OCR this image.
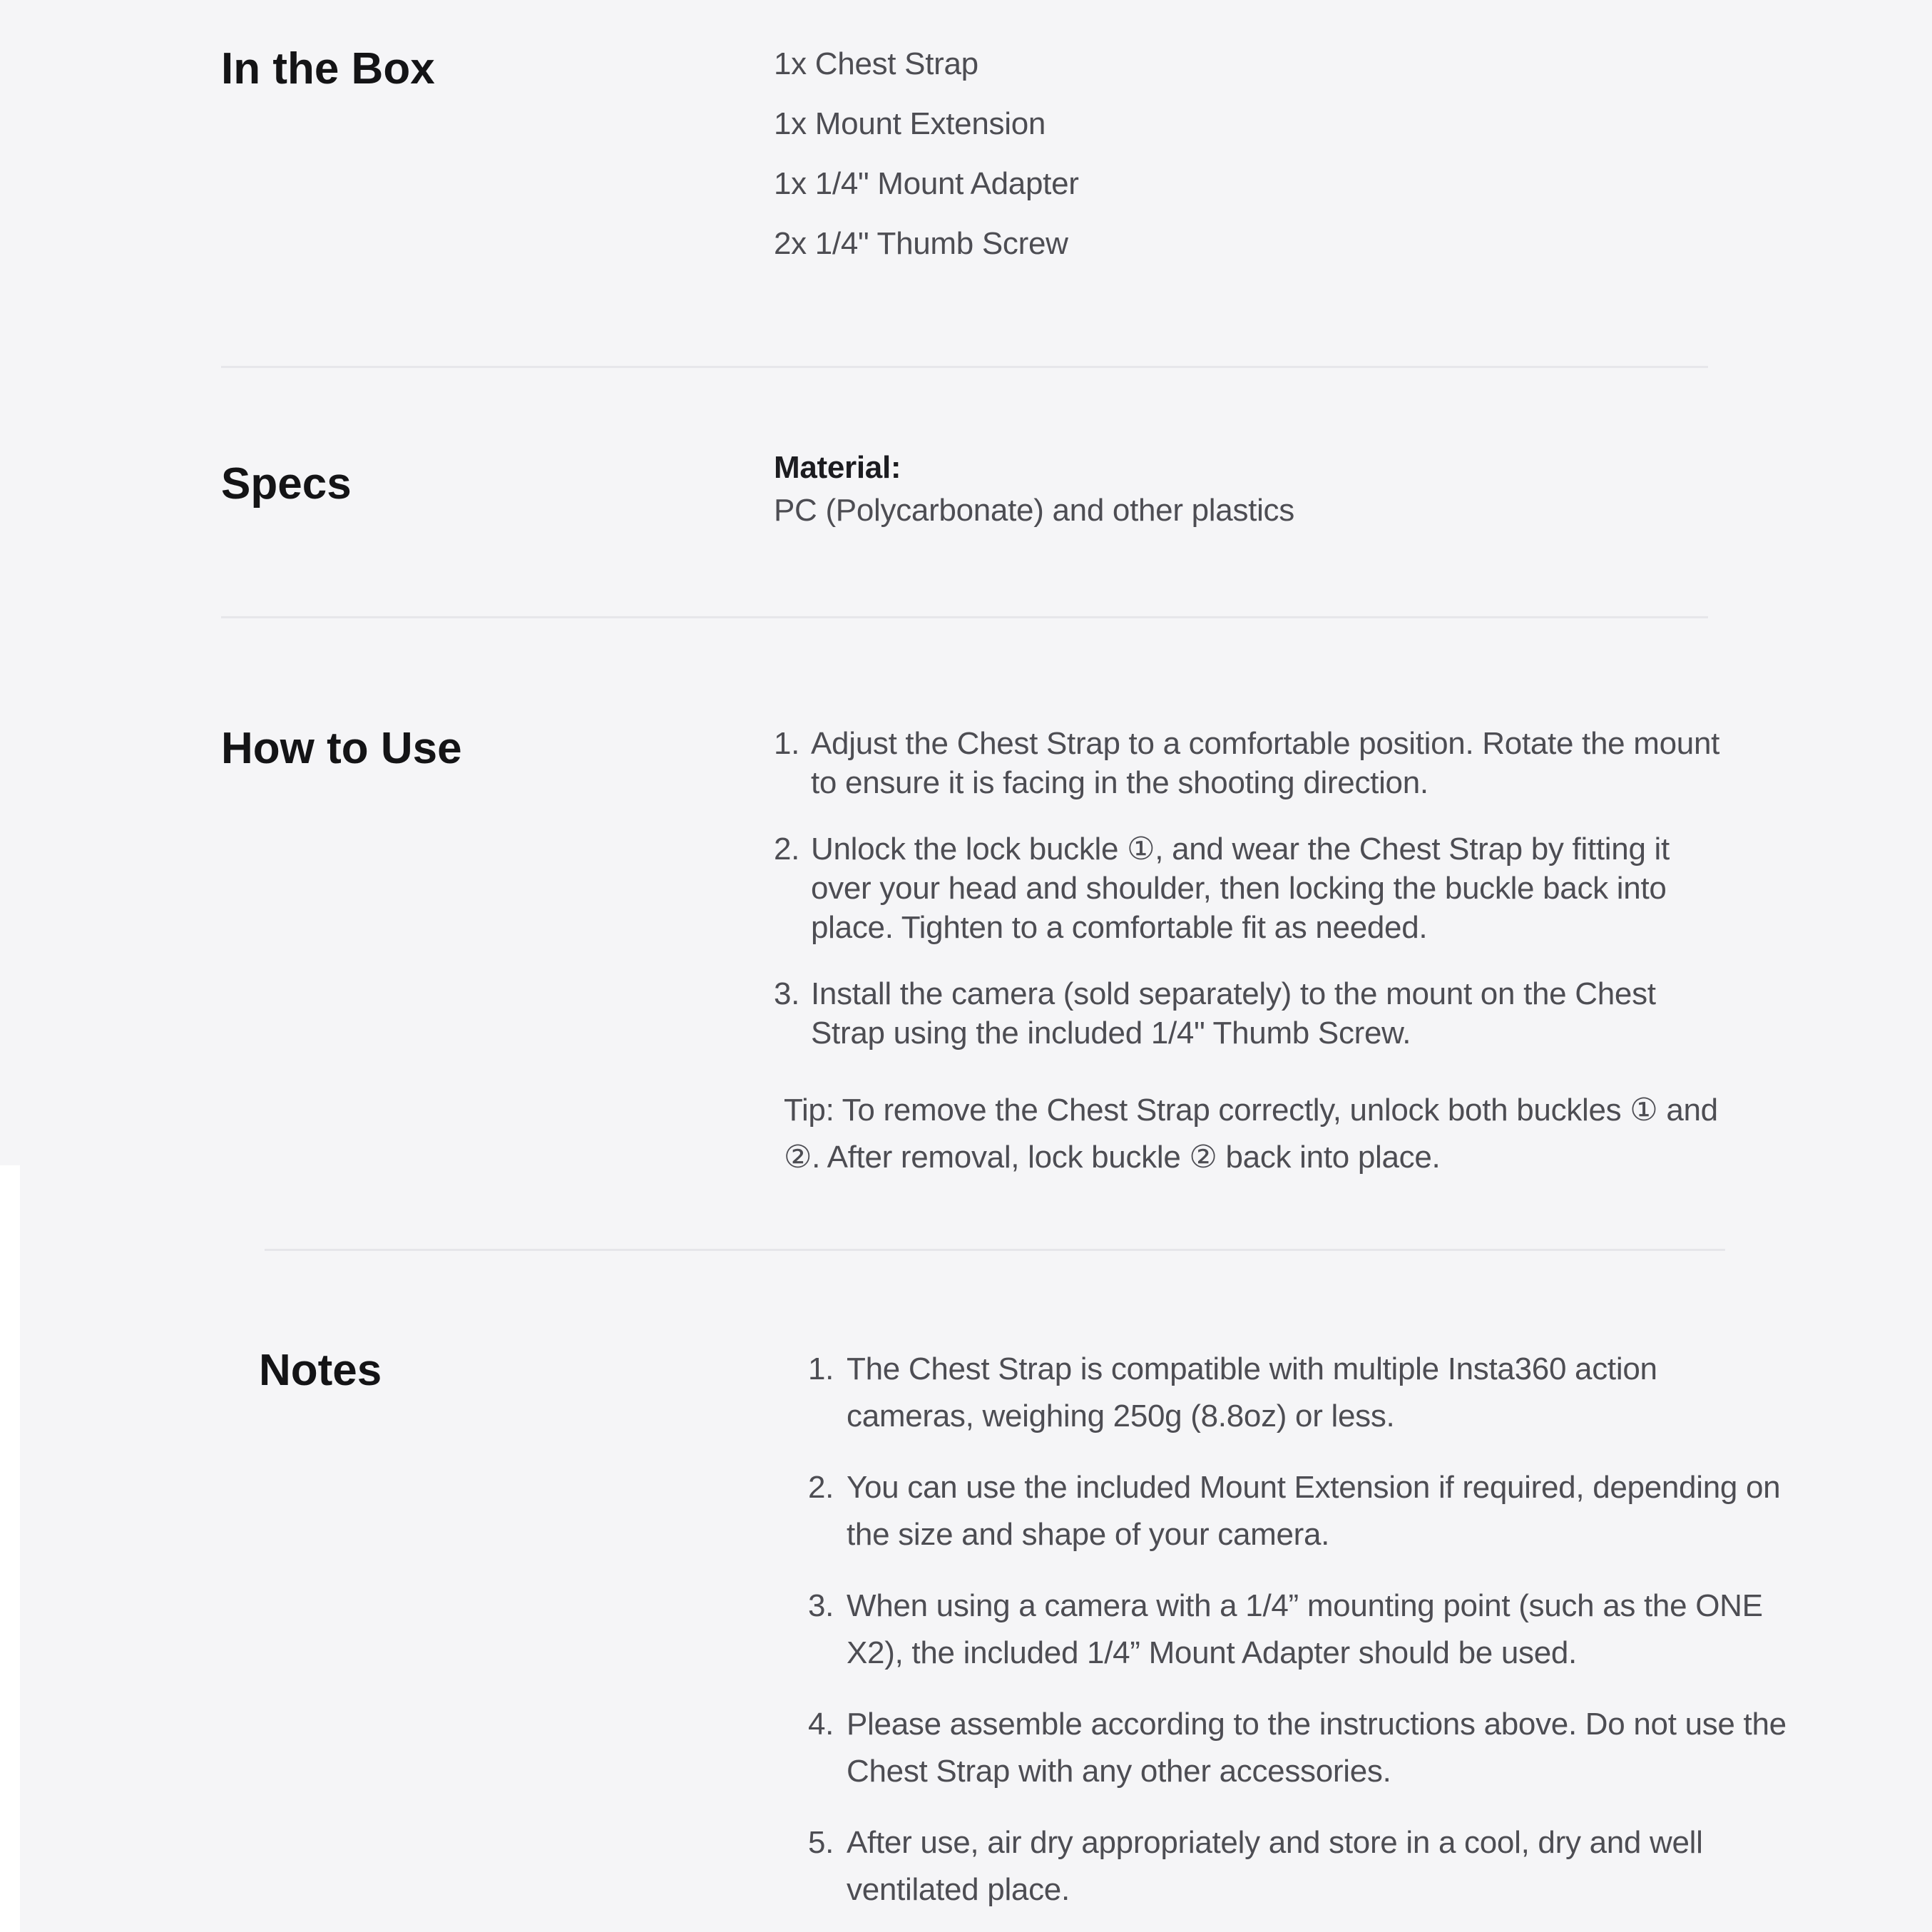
In the Box	1x Chest Strap
1x Mount Extension
1x 1/4" Mount Adapter
2x 1/4" Thumb Screw
Specs	Material:
PC (Polycarbonate) and other plastics
How to Use	1. Adjust the Chest Strap to a comfortable position. Rotate the mount to ensure it is facing in the shooting direction.
2. Unlock the lock buckle ①, and wear the Chest Strap by fitting it over your head and shoulder, then locking the buckle back into place. Tighten to a comfortable fit as needed.
3. Install the camera (sold separately) to the mount on the Chest Strap using the included 1/4" Thumb Screw.
Tip: To remove the Chest Strap correctly, unlock both buckles ① and ②. After removal, lock buckle ② back into place.
Notes	1. The Chest Strap is compatible with multiple Insta360 action cameras, weighing 250g (8.8oz) or less.
2. You can use the included Mount Extension if required, depending on the size and shape of your camera.
3. When using a camera with a 1/4” mounting point (such as the ONE X2), the included 1/4” Mount Adapter should be used.
4. Please assemble according to the instructions above. Do not use the Chest Strap with any other accessories.
5. After use, air dry appropriately and store in a cool, dry and well ventilated place.
